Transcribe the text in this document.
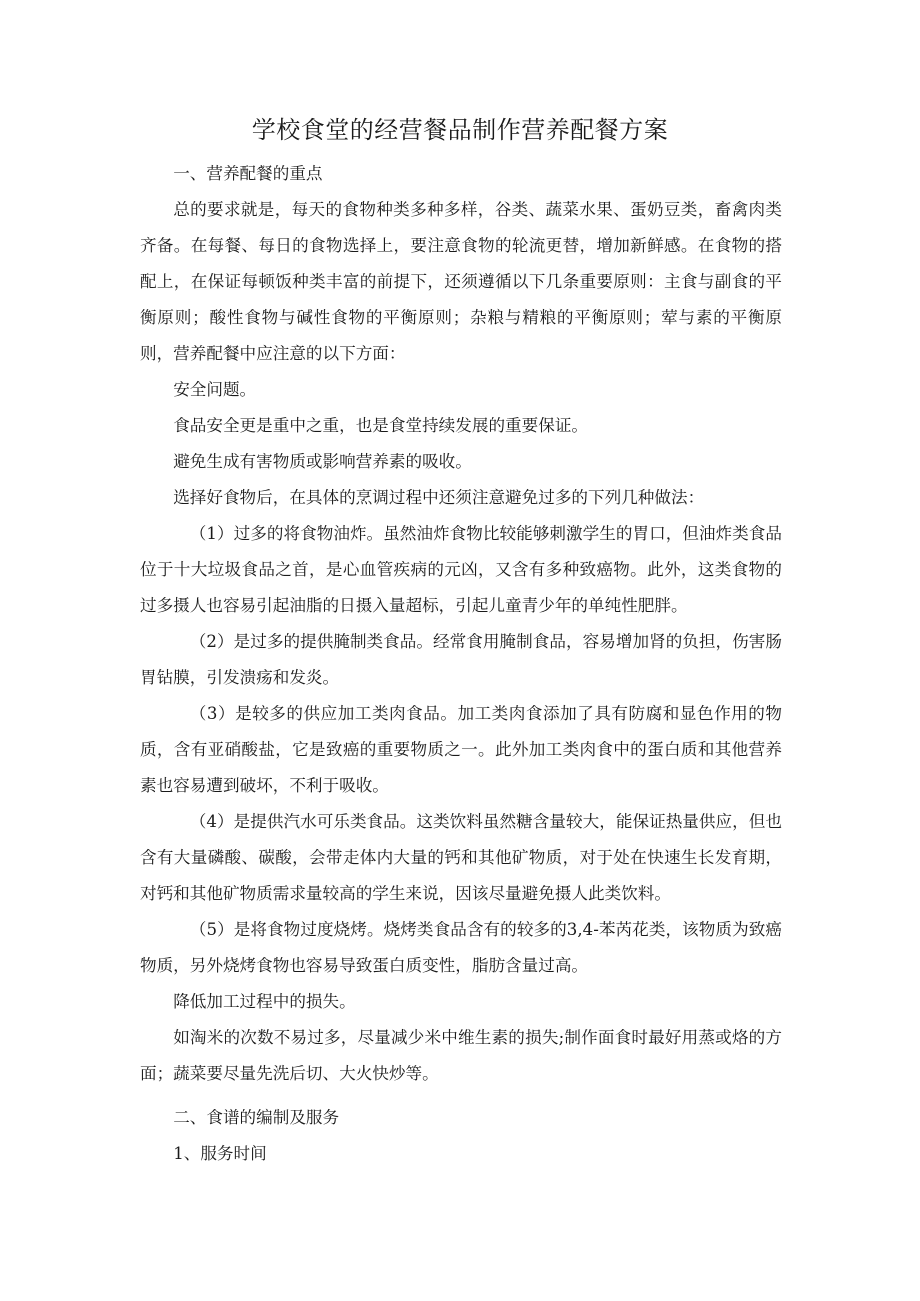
学校食堂的经营餐品制作营养配餐方案

一、营养配餐的重点

总的要求就是，每天的食物种类多种多样，谷类、蔬菜水果、蛋奶豆类，畜禽肉类齐备。在每餐、每日的食物选择上，要注意食物的轮流更替，增加新鲜感。在食物的搭配上，在保证每顿饭种类丰富的前提下，还须遵循以下几条重要原则：主食与副食的平衡原则；酸性食物与碱性食物的平衡原则；杂粮与精粮的平衡原则；荤与素的平衡原则，营养配餐中应注意的以下方面：

安全问题。

食品安全更是重中之重，也是食堂持续发展的重要保证。

避免生成有害物质或影响营养素的吸收。

选择好食物后，在具体的烹调过程中还须注意避免过多的下列几种做法：

（1）过多的将食物油炸。虽然油炸食物比较能够刺激学生的胃口，但油炸类食品位于十大垃圾食品之首，是心血管疾病的元凶，又含有多种致癌物。此外，这类食物的过多摄人也容易引起油脂的日摄入量超标，引起儿童青少年的单纯性肥胖。

（2）是过多的提供腌制类食品。经常食用腌制食品，容易增加肾的负担，伤害肠胃钻膜，引发溃疡和发炎。

（3）是较多的供应加工类肉食品。加工类肉食添加了具有防腐和显色作用的物质，含有亚硝酸盐，它是致癌的重要物质之一。此外加工类肉食中的蛋白质和其他营养素也容易遭到破坏，不利于吸收。

（4）是提供汽水可乐类食品。这类饮料虽然糖含量较大，能保证热量供应，但也含有大量磷酸、碳酸，会带走体内大量的钙和其他矿物质，对于处在快速生长发育期，对钙和其他矿物质需求量较高的学生来说，因该尽量避免摄人此类饮料。

（5）是将食物过度烧烤。烧烤类食品含有的较多的3,4-苯芮花类，该物质为致癌物质，另外烧烤食物也容易导致蛋白质变性，脂肪含量过高。

降低加工过程中的损失。

如淘米的次数不易过多，尽量减少米中维生素的损失;制作面食时最好用蒸或烙的方面；蔬菜要尽量先洗后切、大火快炒等。

二、食谱的编制及服务

1、服务时间
